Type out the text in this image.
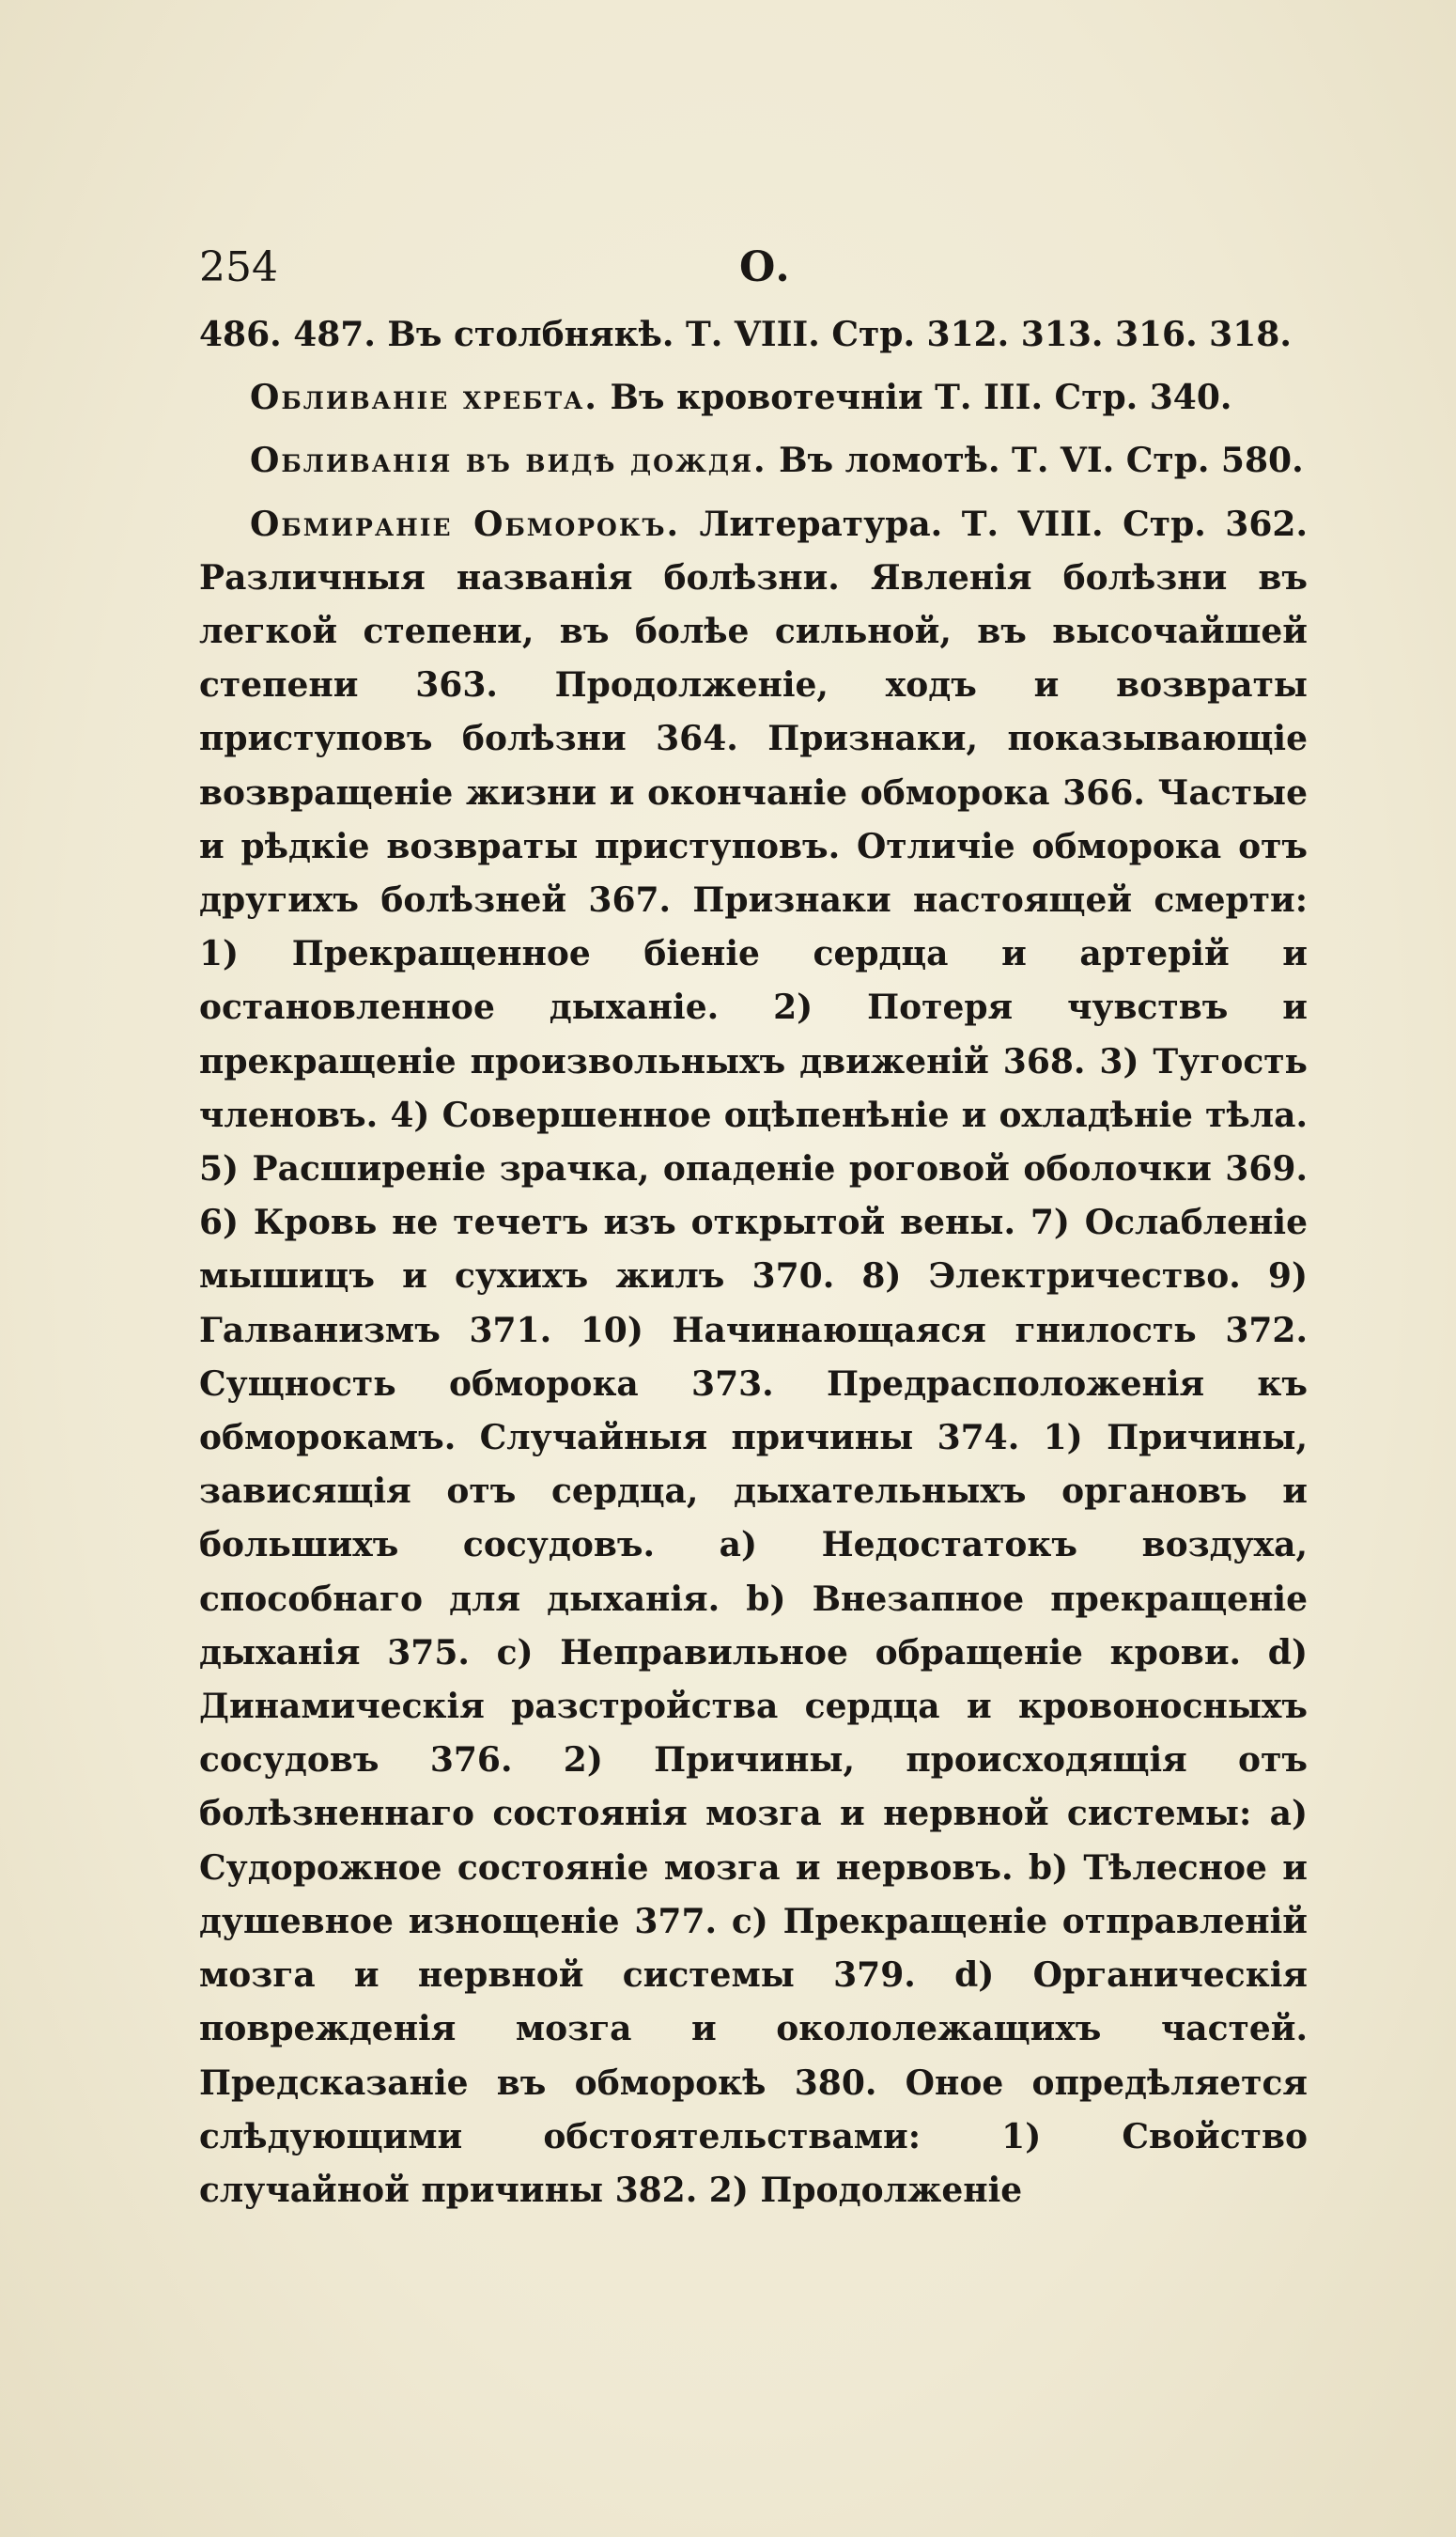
254	О.

486. 487. Въ столбнякѣ. Т. VIII. Стр. 312. 313. 316. 318.

Обливаніе хребта. Въ кровотечніи Т. III. Стр. 340.

Обливанія въ видѣ дождя. Въ ломотѣ. Т. VI. Стр. 580.

Обмираніе Обморокъ. Литература. Т. VIII. Стр. 362. Различныя названія болѣзни. Явленія болѣзни въ легкой степени, въ болѣе сильной, въ высочайшей степени 363. Продолженіе, ходъ и возвраты приступовъ болѣзни 364. Признаки, показывающіе возвращеніе жизни и окончаніе обморока 366. Частые и рѣдкіе возвраты приступовъ. Отличіе обморока отъ другихъ болѣзней 367. Признаки настоящей смерти: 1) Прекращенное біеніе сердца и артерій и остановленное дыханіе. 2) Потеря чувствъ и прекращеніе произвольныхъ движеній 368. 3) Тугость членовъ. 4) Совершенное оцѣпенѣніе и охладѣніе тѣла. 5) Расширеніе зрачка, опаденіе роговой оболочки 369. 6) Кровь не течетъ изъ открытой вены. 7) Ослабленіе мышицъ и сухихъ жилъ 370. 8) Электричество. 9) Галванизмъ 371. 10) Начинающаяся гнилость 372. Сущность обморока 373. Предрасположенія къ обморокамъ. Случайныя причины 374. 1) Причины, зависящія отъ сердца, дыхательныхъ органовъ и большихъ сосудовъ. a) Недостатокъ воздуха, способнаго для дыханія. b) Внезапное прекращеніе дыханія 375. c) Неправильное обращеніе крови. d) Динамическія разстройства сердца и кровоносныхъ сосудовъ 376. 2) Причины, происходящія отъ болѣзненнаго состоянія мозга и нервной системы: a) Судорожное состояніе мозга и нервовъ. b) Тѣлесное и душевное изнощеніе 377. c) Прекращеніе отправленій мозга и нервной системы 379. d) Органическія поврежденія мозга и окололежащихъ частей. Предсказаніе въ обморокѣ 380. Оное опредѣляется слѣдующими обстоятельствами: 1) Свойство случайной причины 382. 2) Продолженіе
